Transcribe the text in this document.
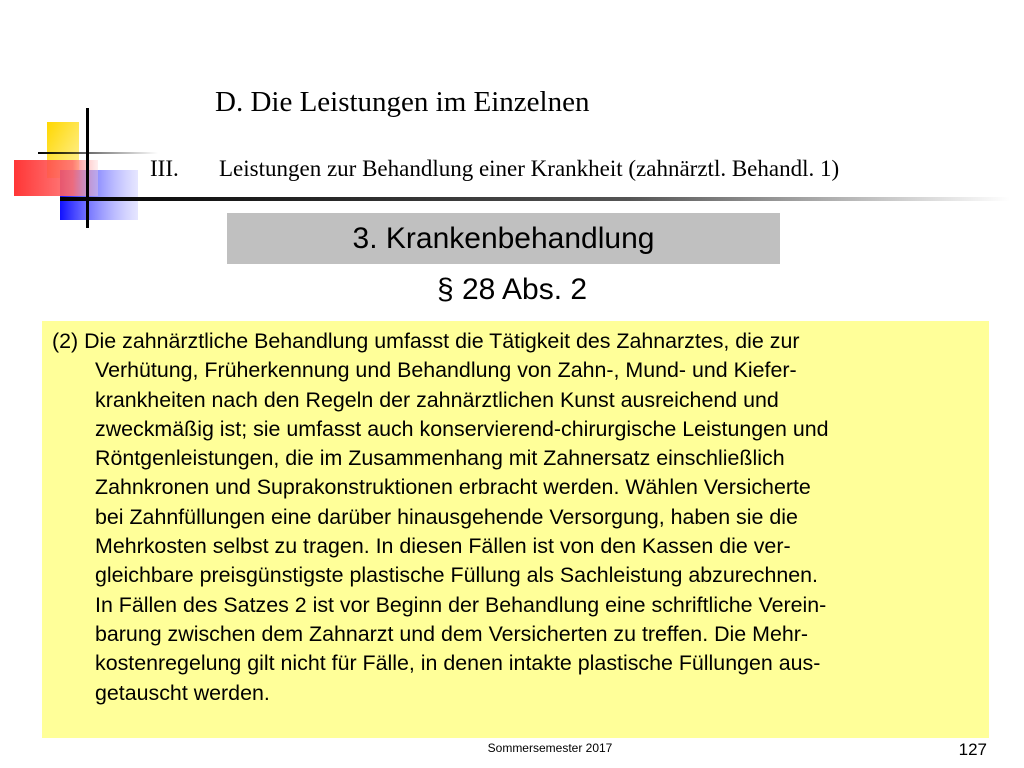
D. Die Leistungen im Einzelnen
III. Leistungen zur Behandlung einer Krankheit (zahnärztl. Behandl. 1)
3. Krankenbehandlung
§ 28 Abs. 2
Sommersemester 2017
(2) Die zahnärztliche Behandlung umfasst die Tätigkeit des Zahnarztes, die zur
Verhütung, Früherkennung und Behandlung von Zahn-, Mund- und Kiefer-
krankheiten nach den Regeln der zahnärztlichen Kunst ausreichend und
zweckmäßig ist; sie umfasst auch konservierend-chirurgische Leistungen und
Röntgenleistungen, die im Zusammenhang mit Zahnersatz einschließlich
Zahnkronen und Suprakonstruktionen erbracht werden. Wählen Versicherte
bei Zahnfüllungen eine darüber hinausgehende Versorgung, haben sie die
Mehrkosten selbst zu tragen. In diesen Fällen ist von den Kassen die ver-
gleichbare preisgünstigste plastische Füllung als Sachleistung abzurechnen.
In Fällen des Satzes 2 ist vor Beginn der Behandlung eine schriftliche Verein-
barung zwischen dem Zahnarzt und dem Versicherten zu treffen. Die Mehr-
kostenregelung gilt nicht für Fälle, in denen intakte plastische Füllungen aus-
getauscht werden.
127
